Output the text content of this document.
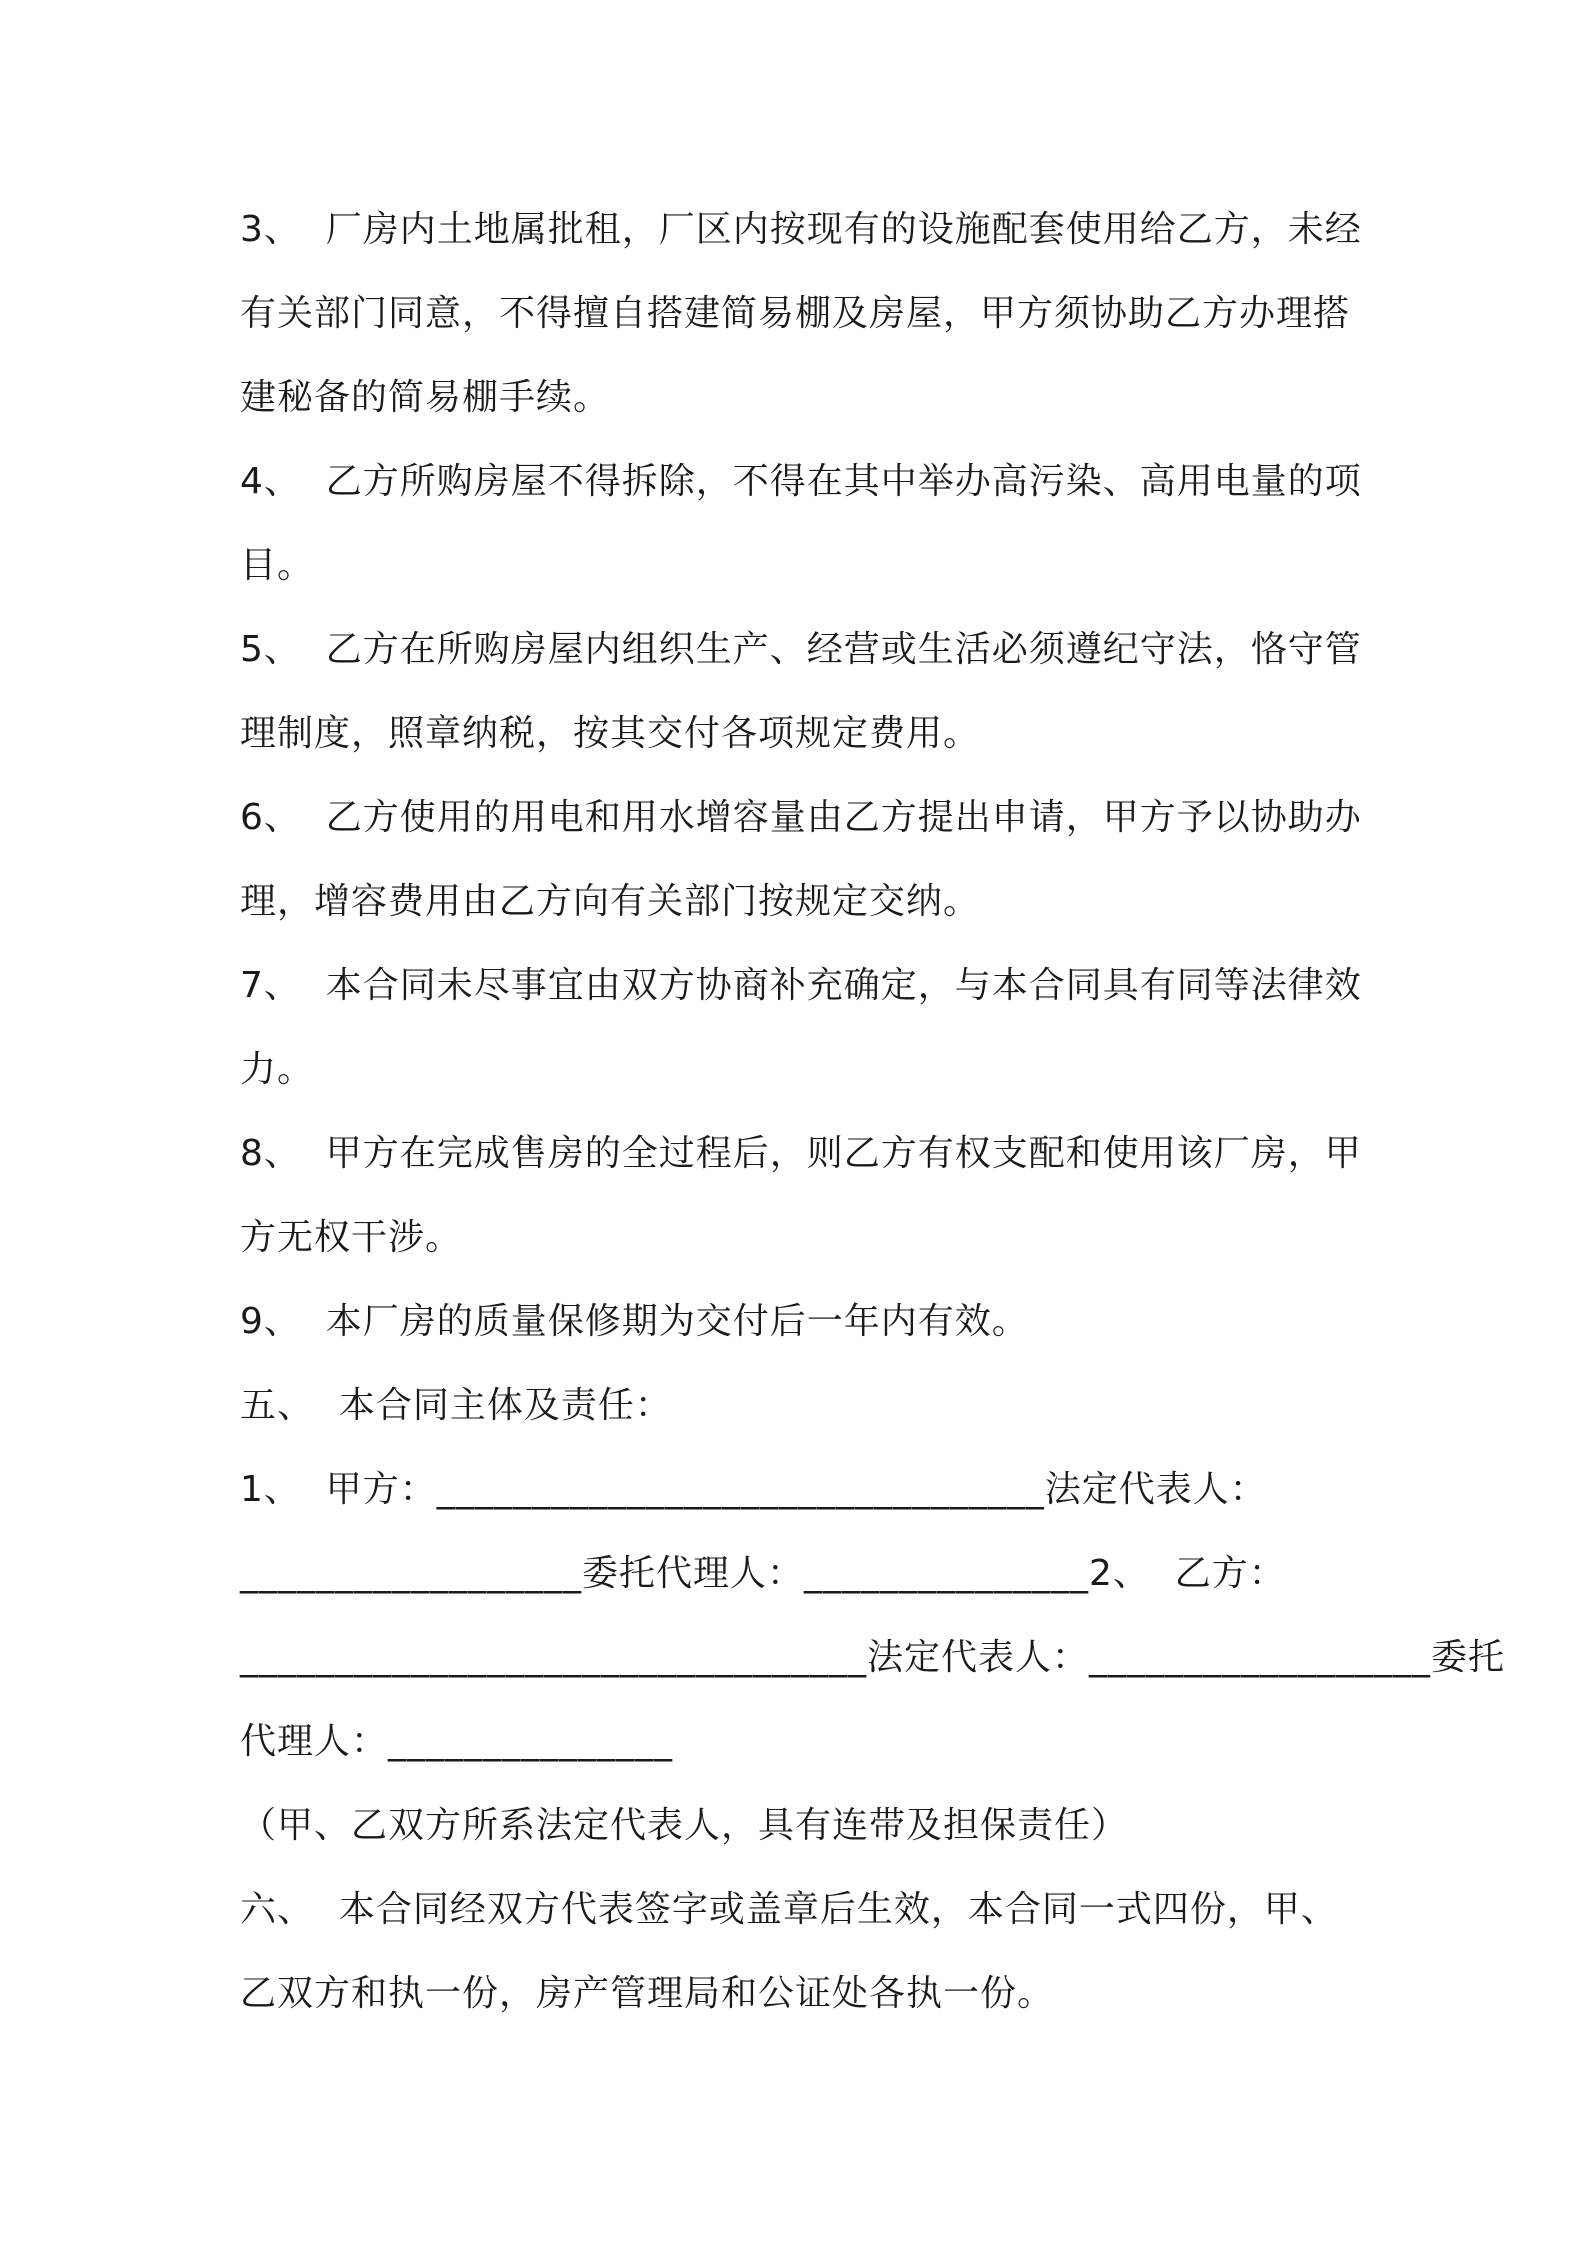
3、  厂房内土地属批租，厂区内按现有的设施配套使用给乙方，未经
有关部门同意，不得擅自搭建简易棚及房屋，甲方须协助乙方办理搭
建秘备的简易棚手续。
4、  乙方所购房屋不得拆除，不得在其中举办高污染、高用电量的项
目。
5、  乙方在所购房屋内组织生产、经营或生活必须遵纪守法，恪守管
理制度，照章纳税，按其交付各项规定费用。
6、  乙方使用的用电和用水增容量由乙方提出申请，甲方予以协助办
理，增容费用由乙方向有关部门按规定交纳。
7、  本合同未尽事宜由双方协商补充确定，与本合同具有同等法律效
力。
8、  甲方在完成售房的全过程后，则乙方有权支配和使用该厂房，甲
方无权干涉。
9、  本厂房的质量保修期为交付后一年内有效。
五、  本合同主体及责任：
1、  甲方：________________________________法定代表人：
__________________委托代理人：_______________2、  乙方：
_________________________________法定代表人：__________________委托
代理人：_______________
（甲、乙双方所系法定代表人，具有连带及担保责任）
六、  本合同经双方代表签字或盖章后生效，本合同一式四份，甲、
乙双方和执一份，房产管理局和公证处各执一份。
